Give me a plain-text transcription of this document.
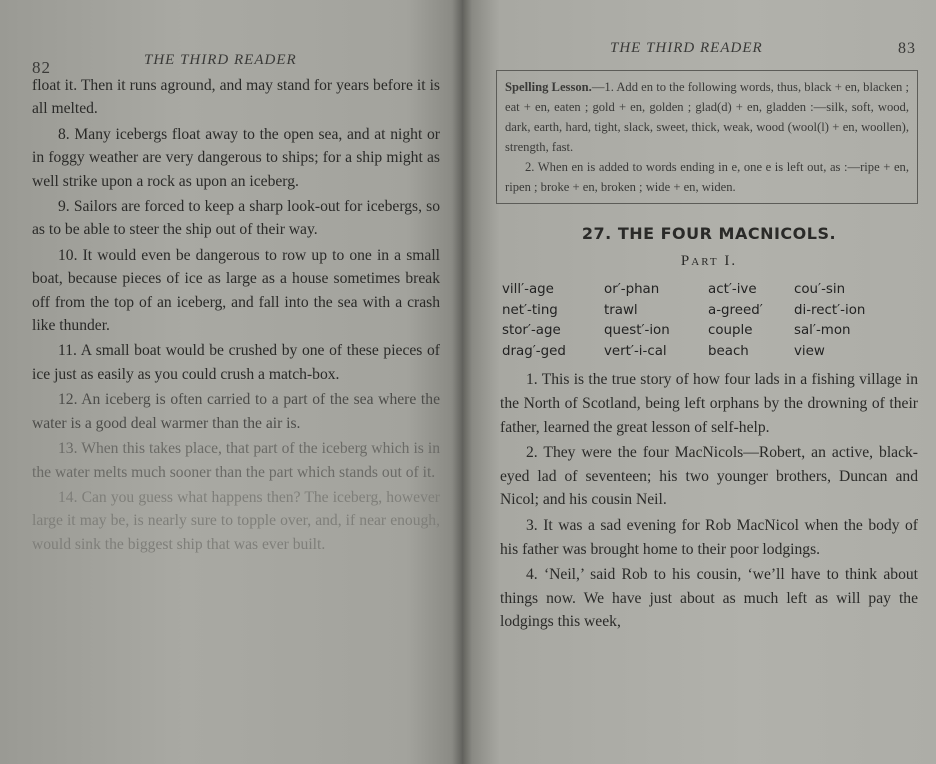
82	THE THIRD READER

float it. Then it runs aground, and may stand for years before it is all melted.

8. Many icebergs float away to the open sea, and at night or in foggy weather are very dangerous to ships; for a ship might as well strike upon a rock as upon an iceberg.

9. Sailors are forced to keep a sharp look-out for icebergs, so as to be able to steer the ship out of their way.

10. It would even be dangerous to row up to one in a small boat, because pieces of ice as large as a house sometimes break off from the top of an iceberg, and fall into the sea with a crash like thunder.

11. A small boat would be crushed by one of these pieces of ice just as easily as you could crush a match-box.

12. An iceberg is often carried to a part of the sea where the water is a good deal warmer than the air is.

13. When this takes place, that part of the iceberg which is in the water melts much sooner than the part which stands out of it.

14. Can you guess what happens then? The iceberg, however large it may be, is nearly sure to topple over, and, if near enough, would sink the biggest ship that was ever built.

THE THIRD READER	83
Spelling Lesson.—1. Add en to the following words, thus, black + en, blacken ; eat + en, eaten ; gold + en, golden ; glad(d) + en, gladden :—silk, soft, wood, dark, earth, hard, tight, slack, sweet, thick, weak, wood (wool(l) + en, woollen), strength, fast.
2. When en is added to words ending in e, one e is left out, as :—ripe + en, ripen ; broke + en, broken ; wide + en, widen.
27. THE FOUR MACNICOLS.
Part I.
vill′-age	or′-phan	act′-ive	cou′-sin
net′-ting	trawl	a-greed′	di-rect′-ion
stor′-age	quest′-ion	couple	sal′-mon
drag′-ged	vert′-i-cal	beach	view

1. This is the true story of how four lads in a fishing village in the North of Scotland, being left orphans by the drowning of their father, learned the great lesson of self-help.

2. They were the four MacNicols—Robert, an active, black-eyed lad of seventeen; his two younger brothers, Duncan and Nicol; and his cousin Neil.

3. It was a sad evening for Rob MacNicol when the body of his father was brought home to their poor lodgings.

4. ‘Neil,’ said Rob to his cousin, ‘we’ll have to think about things now. We have just about as much left as will pay the lodgings this week,
